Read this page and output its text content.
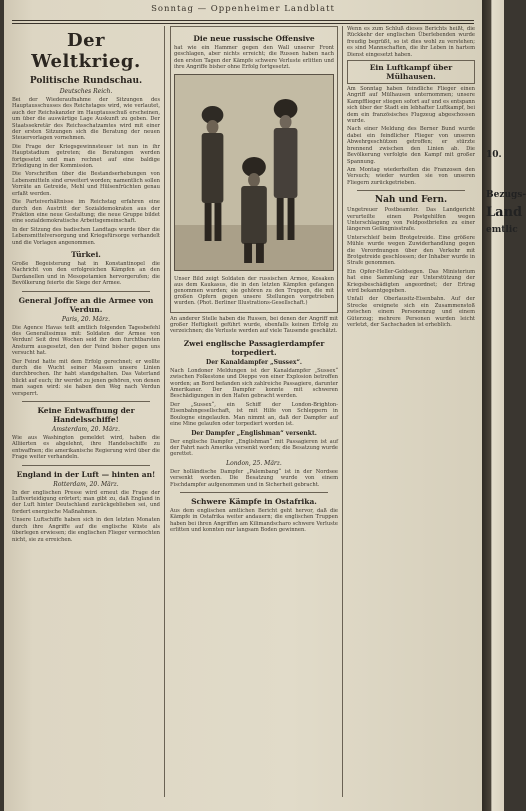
Sonntag — Oppenheimer Landblatt
Der Weltkrieg.
Politische Rundschau.
Deutsches Reich.

Bei der Wiederaufnahme der Sitzungen des Hauptausschusses des Reichstages wird, wie verlautet, auch der Reichskanzler im Hauptausschuß erscheinen, um über die auswärtige Lage Auskunft zu geben. Der Staatssekretär des Reichsschatzamtes wird mit einer der ersten Sitzungen sich die Beratung der neuen Steuervorlagen vornehmen.

Die Frage der Kriegsgewinnsteuer ist nun in ihr Hauptstadium getreten; die Beratungen werden fortgesetzt und man rechnet auf eine baldige Erledigung in der Kommission.

Die Vorschriften über die Bestandserhebungen von Lebensmitteln sind erweitert worden; namentlich sollen Vorräte an Getreide, Mehl und Hülsenfrüchten genau erfaßt werden.

Die Parteiverhältnisse im Reichstag erfahren eine durch den Austritt der Sozialdemokraten aus der Fraktion eine neue Gestaltung; die neue Gruppe bildet eine sozialdemokratische Arbeitsgemeinschaft.

In der Sitzung des badischen Landtags wurde über die Lebensmittelversorgung und Kriegsfürsorge verhandelt und die Vorlagen angenommen.

Türkei.

Große Begeisterung hat in Konstantinopel die Nachricht von den erfolgreichen Kämpfen an den Dardanellen und in Mesopotamien hervorgerufen; die Bevölkerung feierte die Siege der Armee.

General Joffre an die Armee von Verdun.
Paris, 20. März.

Die Agence Havas teilt amtlich folgenden Tagesbefehl des Generalissimus mit: Soldaten der Armee von Verdun! Seit drei Wochen seid ihr dem furchtbarsten Ansturm ausgesetzt, den der Feind bisher gegen uns versucht hat.

Der Feind hatte mit dem Erfolg gerechnet; er wollte durch die Wucht seiner Massen unsere Linien durchbrechen. Ihr habt standgehalten. Das Vaterland blickt auf euch; ihr werdet zu jenen gehören, von denen man sagen wird: sie haben den Weg nach Verdun versperrt.

Keine Entwaffnung der Handelsschiffe!
Amsterdam, 20. März.

Wie aus Washington gemeldet wird, haben die Alliierten es abgelehnt, ihre Handelsschiffe zu entwaffnen; die amerikanische Regierung wird über die Frage weiter verhandeln.

England in der Luft — hinten an!
Rotterdam, 20. März.

In der englischen Presse wird erneut die Frage der Luftverteidigung erörtert; man gibt zu, daß England in der Luft hinter Deutschland zurückgeblieben sei, und fordert energische Maßnahmen.

Unsere Luftschiffe haben sich in den letzten Monaten durch ihre Angriffe auf die englische Küste als überlegen erwiesen; die englischen Flieger vermochten nicht, sie zu erreichen.

Die neue russische Offensive

hat wie ein Hammer gegen den Wall unserer Front geschlagen, aber nichts erreicht; die Russen haben nach den ersten Tagen der Kämpfe schwere Verluste erlitten und ihre Angriffe bisher ohne Erfolg fortgesetzt.

Unser Bild zeigt Soldaten der russischen Armee, Kosaken aus dem Kaukasus, die in den letzten Kämpfen gefangen genommen wurden; sie gehören zu den Truppen, die mit großen Opfern gegen unsere Stellungen vorgetrieben wurden. (Phot. Berliner Illustrations-Gesellschaft.)

An anderer Stelle haben die Russen, bei denen der Angriff mit großer Heftigkeit geführt wurde, ebenfalls keinen Erfolg zu verzeichnen; die Verluste werden auf viele Tausende geschätzt.

Zwei englische Passagierdampfer torpediert.
Der Kanaldampfer „Sussex“.

Nach Londoner Meldungen ist der Kanaldampfer „Sussex“ zwischen Folkestone und Dieppe von einer Explosion betroffen worden; an Bord befanden sich zahlreiche Passagiere, darunter Amerikaner. Der Dampfer konnte mit schweren Beschädigungen in den Hafen gebracht werden.

Der „Sussex“, ein Schiff der London-Brighton-Eisenbahngesellschaft, ist mit Hilfe von Schleppern in Boulogne eingelaufen. Man nimmt an, daß der Dampfer auf eine Mine gelaufen oder torpediert worden ist.

Der Dampfer „Englishman“ versenkt.

Der englische Dampfer „Englishman“ mit Passagieren ist auf der Fahrt nach Amerika versenkt worden; die Besatzung wurde gerettet.

London, 25. März.

Der holländische Dampfer „Palembang“ ist in der Nordsee versenkt worden. Die Besatzung wurde von einem Fischdampfer aufgenommen und in Sicherheit gebracht.

Schwere Kämpfe in Ostafrika.

Aus dem englischen amtlichen Bericht geht hervor, daß die Kämpfe in Ostafrika weiter andauern; die englischen Truppen haben bei ihren Angriffen am Kilimandscharo schwere Verluste erlitten und konnten nur langsam Boden gewinnen.

Wenn es zum Schluß dieses Berichts heißt, die Rückkehr der englischen Überlebenden wurde freudig begrüßt, so ist dies wohl zu verstehen; es sind Mannschaften, die ihr Leben in hartem Dienst eingesetzt haben.

Ein Luftkampf über Mülhausen.

Am Sonntag haben feindliche Flieger einen Angriff auf Mülhausen unternommen; unsere Kampfflieger stiegen sofort auf und es entspann sich über der Stadt ein lebhafter Luftkampf, bei dem ein französisches Flugzeug abgeschossen wurde.

Nach einer Meldung des Berner Bund wurde dabei ein feindlicher Flieger von unseren Abwehrgeschützen getroffen; er stürzte brennend zwischen den Linien ab. Die Bevölkerung verfolgte den Kampf mit großer Spannung.

Am Montag wiederholten die Franzosen den Versuch; wieder wurden sie von unseren Fliegern zurückgetrieben.

Nah und Fern.

Ungetreuer Postbeamter. Das Landgericht verurteilte einen Postgehilfen wegen Unterschlagung von Feldpostbriefen zu einer längeren Gefängnisstrafe.

Unterschleif beim Brotgetreide. Eine größere Mühle wurde wegen Zuwiderhandlung gegen die Verordnungen über den Verkehr mit Brotgetreide geschlossen; der Inhaber wurde in Strafe genommen.

Ein Opfer-Heller-Geldsegen. Das Ministerium hat eine Sammlung zur Unterstützung der Kriegsbeschädigten angeordnet; der Ertrag wird bekanntgegeben.

Unfall der Oberlausitz-Eisenbahn. Auf der Strecke ereignete sich ein Zusammenstoß zwischen einem Personenzug und einem Güterzug; mehrere Personen wurden leicht verletzt, der Sachschaden ist erheblich.

10.
Bezugs-
Land
emtlic
